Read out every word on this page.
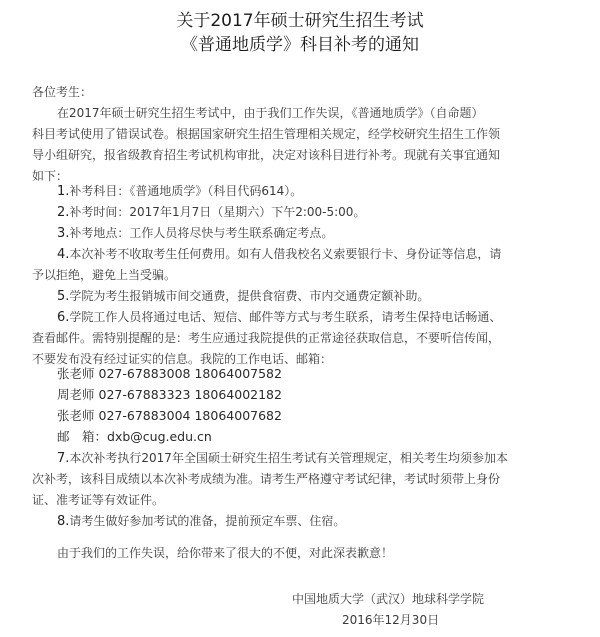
关于2017年硕士研究生招生考试
《普通地质学》科目补考的通知
各位考生：
在2017年硕士研究生招生考试中，由于我们工作失误，《普通地质学》（自命题）
科目考试使用了错误试卷。根据国家研究生招生管理相关规定，经学校研究生招生工作领
导小组研究，报省级教育招生考试机构审批，决定对该科目进行补考。现就有关事宜通知
如下：
1.补考科目：《普通地质学》（科目代码614）。
2.补考时间：2017年1月7日（星期六）下午2:00-5:00。
3.补考地点：工作人员将尽快与考生联系确定考点。
4.本次补考不收取考生任何费用。如有人借我校名义索要银行卡、身份证等信息，请
予以拒绝，避免上当受骗。
5.学院为考生报销城市间交通费，提供食宿费、市内交通费定额补助。
6.学院工作人员将通过电话、短信、邮件等方式与考生联系，请考生保持电话畅通、
查看邮件。需特别提醒的是：考生应通过我院提供的正常途径获取信息，不要听信传闻，
不要发布没有经过证实的信息。我院的工作电话、邮箱：
张老师 027-67883008 18064007582
周老师 027-67883323 18064002182
张老师 027-67883004 18064007682
邮　箱：dxb@cug.edu.cn
7.本次补考执行2017年全国硕士研究生招生考试有关管理规定，相关考生均须参加本
次补考，该科目成绩以本次补考成绩为准。请考生严格遵守考试纪律，考试时须带上身份
证、准考证等有效证件。
8.请考生做好参加考试的准备，提前预定车票、住宿。
由于我们的工作失误，给你带来了很大的不便，对此深表歉意！
中国地质大学（武汉）地球科学学院
2016年12月30日
